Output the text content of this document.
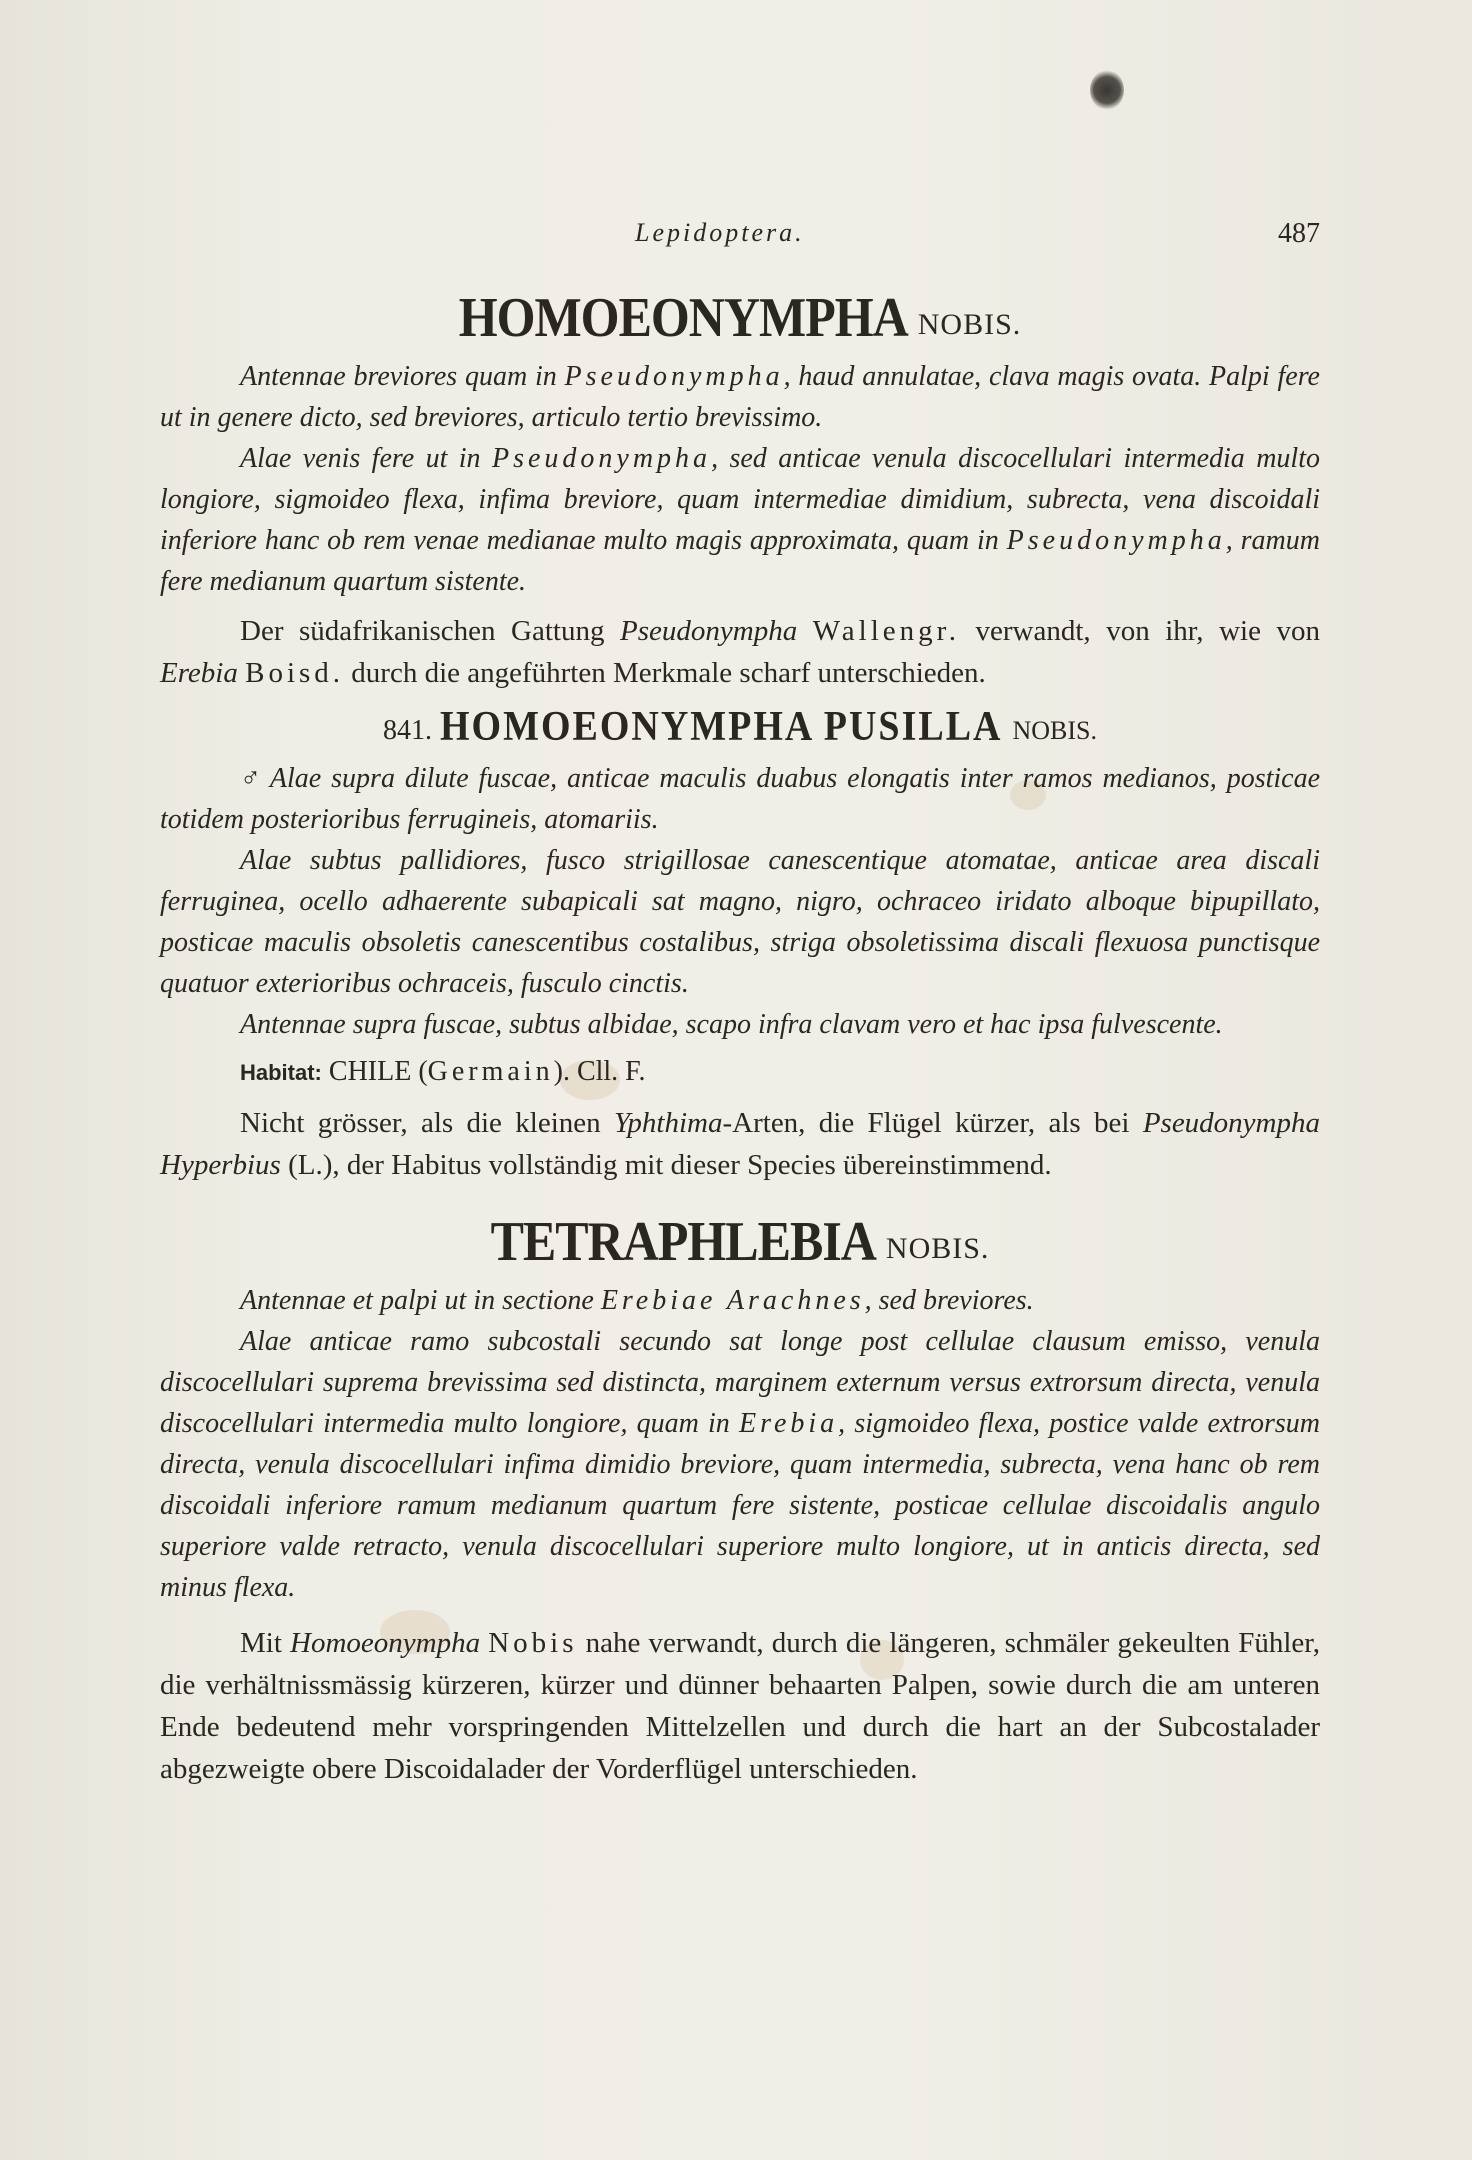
Lepidoptera.	487
HOMOEONYMPHA NOBIS.

Antennae breviores quam in Pseudonympha, haud annulatae, clava magis ovata. Palpi fere ut in genere dicto, sed breviores, articulo tertio brevissimo.

Alae venis fere ut in Pseudonympha, sed anticae venula discocellulari intermedia multo longiore, sigmoideo flexa, infima breviore, quam intermediae dimidium, subrecta, vena discoidali inferiore hanc ob rem venae medianae multo magis approximata, quam in Pseudonympha, ramum fere medianum quartum sistente.

Der südafrikanischen Gattung Pseudonympha Wallengr. verwandt, von ihr, wie von Erebia Boisd. durch die angeführten Merkmale scharf unterschieden.

841. HOMOEONYMPHA PUSILLA NOBIS.

♂ Alae supra dilute fuscae, anticae maculis duabus elongatis inter ramos medianos, posticae totidem posterioribus ferrugineis, atomariis.

Alae subtus pallidiores, fusco strigillosae canescentique atomatae, anticae area discali ferruginea, ocello adhaerente subapicali sat magno, nigro, ochraceo iridato alboque bipupillato, posticae maculis obsoletis canescentibus costalibus, striga obsoletissima discali flexuosa punctisque quatuor exterioribus ochraceis, fusculo cinctis.

Antennae supra fuscae, subtus albidae, scapo infra clavam vero et hac ipsa fulvescente.

Habitat: CHILE (Germain). Cll. F.

Nicht grösser, als die kleinen Yphthima-Arten, die Flügel kürzer, als bei Pseudonympha Hyperbius (L.), der Habitus vollständig mit dieser Species übereinstimmend.

TETRAPHLEBIA NOBIS.

Antennae et palpi ut in sectione Erebiae Arachnes, sed breviores.

Alae anticae ramo subcostali secundo sat longe post cellulae clausum emisso, venula discocellulari suprema brevissima sed distincta, marginem externum versus extrorsum directa, venula discocellulari intermedia multo longiore, quam in Erebia, sigmoideo flexa, postice valde extrorsum directa, venula discocellulari infima dimidio breviore, quam intermedia, subrecta, vena hanc ob rem discoidali inferiore ramum medianum quartum fere sistente, posticae cellulae discoidalis angulo superiore valde retracto, venula discocellulari superiore multo longiore, ut in anticis directa, sed minus flexa.

Mit Homoeonympha Nobis nahe verwandt, durch die längeren, schmäler gekeulten Fühler, die verhältnissmässig kürzeren, kürzer und dünner behaarten Palpen, sowie durch die am unteren Ende bedeutend mehr vorspringenden Mittelzellen und durch die hart an der Subcostalader abgezweigte obere Discoidalader der Vorderflügel unterschieden.
